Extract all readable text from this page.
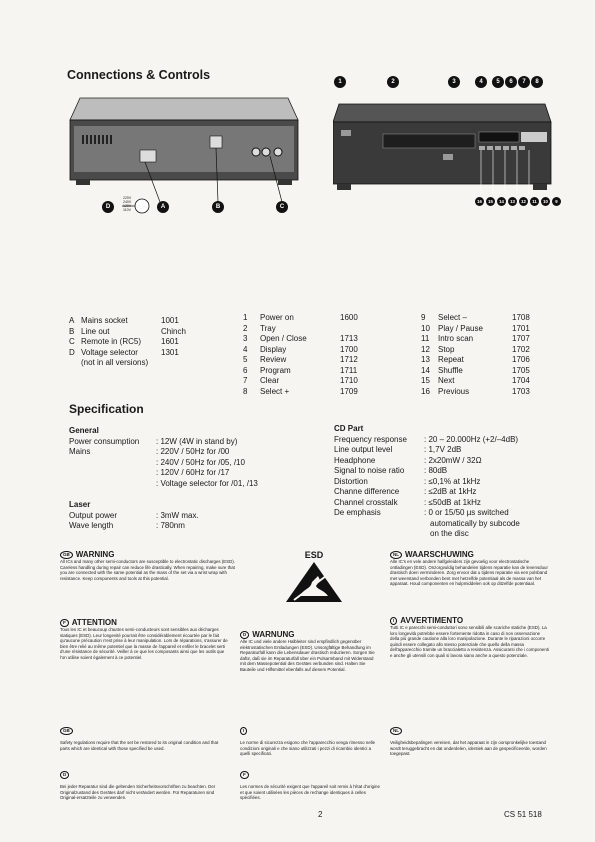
Connections & Controls
D	A	B	C
220V
240V
120V
110V
1	2	3	4	5	6	7	8
16	15	14	13	12	11	10	9
A Mains socket	1001
B Line out	Chinch
C Remote in (RC5)	1601
D Voltage selector	1301
(not in all versions)
1	Power on	1600
2	Tray
3	Open / Close	1713
4	Display	1700
5	Review	1712
6	Program	1711
7	Clear	1710
8	Select +	1709
9	Select –	1708
10	Play / Pause	1701
11	Intro scan	1707
12	Stop	1702
13	Repeat	1706
14	Shuffle	1705
15	Next	1704
16	Previous	1703
Specification
General
Power consumption	: 12W (4W in stand by)
Mains	: 220V / 50Hz for /00
: 240V / 50Hz for /05, /10
: 120V / 60Hz for /17
: Voltage selector for /01, /13
Laser
Output power	: 3mW max.
Wave length	: 780nm
CD Part
Frequency response	: 20 – 20.000Hz (+2/–4dB)
Line output level	: 1,7V 2dB
Headphone	: 2x20mW / 32Ω
Signal to noise ratio	: 80dB
Distortion	: ≤0,1% at 1kHz
Channe difference	: ≤2dB at 1kHz
Channel crosstalk	: ≤50dB at 1kHz
De emphasis	: 0 or 15/50 µs switched
automatically by subcode
on the disc
GB WARNING
All ICs and many other semi-conductors are susceptible to electrostatic discharges (ESD). Careless handling during repair can reduce life drastically. When repairing, make sure that you are connected with the same potential as the mass of the set via a wrist wrap with resistance. Keep components and tools at this potential.
ESD	NL WAARSCHUWING
Alle IC's en vele andere halfgeleiders zijn gevoelig voor electrostatische ontladingen (ESD). Onzorgvuldig behandelen tijdens reparatie kan de levensduur drastisch doen verminderen. Zorg ervoor dat u tijdens reparatie via een polsband met weerstand verbonden bent met hetzelfde potentiaal als de massa van het apparaat. Houd componenten en hulpmiddelen ook op ditzelfde potentiaal.
F ATTENTION
Tous les IC et beaucoup d'autres semi-conducteurs sont sensibles aux décharges statiques (ESD). Leur longevité pourrait être considérablement écourtée par le fait qu'aucune précaution n'est prise à leur manipulation. Lors de réparations, s'assurer de bien être relié au même potentiel que la masse de l'appareil et enfiler le bracelet serti d'une résistance de sécurité. Veiller à ce que les composants ainsi que les outils que l'on utilise soient également à ce potentiel.
D WARNUNG
Alle IC und viele andere Halbleiter sind empfindlich gegenüber elektrostatischen Entladungen (ESD). Unsorgfältige Behandlung im Reparaturfall kann die Lebensdauer drastisch reduzieren. Sorgen Sie dafür, daß sie im Reparaturfall über ein Pulsarmband mit Widerstand mit dem Massepotential des Gerätes verbunden sind. Halten Sie Bauteile und Hilfsmittel ebenfalls auf diesem Potential.
I AVVERTIMENTO
Tutti IC e parecchi semi-conduttori sono sensibili alle scariche statiche (ESD). La loro longevità potrebbe essere fortemente ridotta in caso di non osservazione della più grande cautione alla loro manipolazione. Durante le riparazioni occorre quindi essere collegato allo stesso potenziale che quello della massa dell'apparecchio tramite un braccialetto a resistenza. Assicurarsi che i componenti e anche gli utensili con quali si lavora siano anche a questo potenziale.
GB
Safety regulations require that the set be restored to its original condition and that parts which are identical with those specified be used.
D
Bei jeder Reparatur sind die geltenden Sicherheitsvorschriften zu beachten. Der Originalzustand des Gerätes darf nicht verändert werden. Für Reparaturen sind Original-ersatzteile zu verwenden.
I
Le norme di sicurezza esigono che l'apparecchio venga rimesso nelle condizioni originali e che siano utilizzati i pezzi di ricambio identici a quelli specificati.
F
Les normes de sécurité exigent que l'appareil soit remis à l'état d'origine et que soient utilisées les pièces de rechange identiques à celles spécifiées.
NL
Veiligheidsbepalingen vereisen, dat het apparaat in zijn oorspronkelijke toestand wordt teruggebracht en dat onderdelen, identiek aan de gespecificeerde, worden toegepast.
2	CS 51 518
